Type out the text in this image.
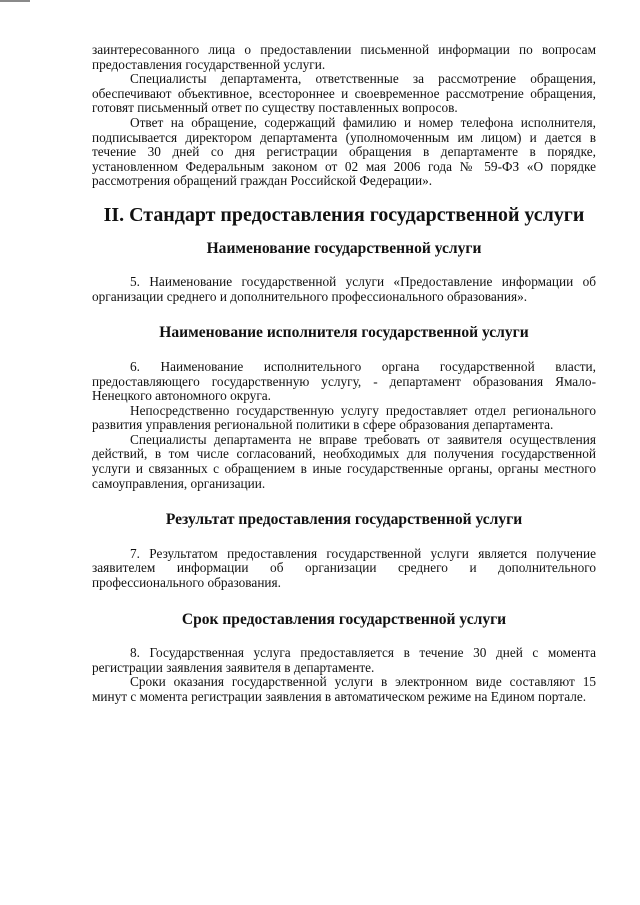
заинтересованного лица о предоставлении письменной информации по вопросам предоставления государственной услуги.

Специалисты департамента, ответственные за рассмотрение обращения, обеспечивают объективное, всестороннее и своевременное рассмотрение обращения, готовят письменный ответ по существу поставленных вопросов.

Ответ на обращение, содержащий фамилию и номер телефона исполнителя, подписывается директором департамента (уполномоченным им лицом) и дается в течение 30 дней со дня регистрации обращения в департаменте в порядке, установленном Федеральным законом от 02 мая 2006 года № 59-ФЗ «О порядке рассмотрения обращений граждан Российской Федерации».

II. Стандарт предоставления государственной услуги
Наименование государственной услуги

5. Наименование государственной услуги «Предоставление информации об организации среднего и дополнительного профессионального образования».

Наименование исполнителя государственной услуги

6. Наименование исполнительного органа государственной власти, предоставляющего государственную услугу, - департамент образования Ямало-Ненецкого автономного округа.

Непосредственно государственную услугу предоставляет отдел регионального развития управления региональной политики в сфере образования департамента.

Специалисты департамента не вправе требовать от заявителя осуществления действий, в том числе согласований, необходимых для получения государственной услуги и связанных с обращением в иные государственные органы, органы местного самоуправления, организации.

Результат предоставления государственной услуги

7. Результатом предоставления государственной услуги является получение заявителем информации об организации среднего и дополнительного профессионального образования.

Срок предоставления государственной услуги

8. Государственная услуга предоставляется в течение 30 дней с момента регистрации заявления заявителя в департаменте.

Сроки оказания государственной услуги в электронном виде составляют 15 минут с момента регистрации заявления в автоматическом режиме на Едином портале.
